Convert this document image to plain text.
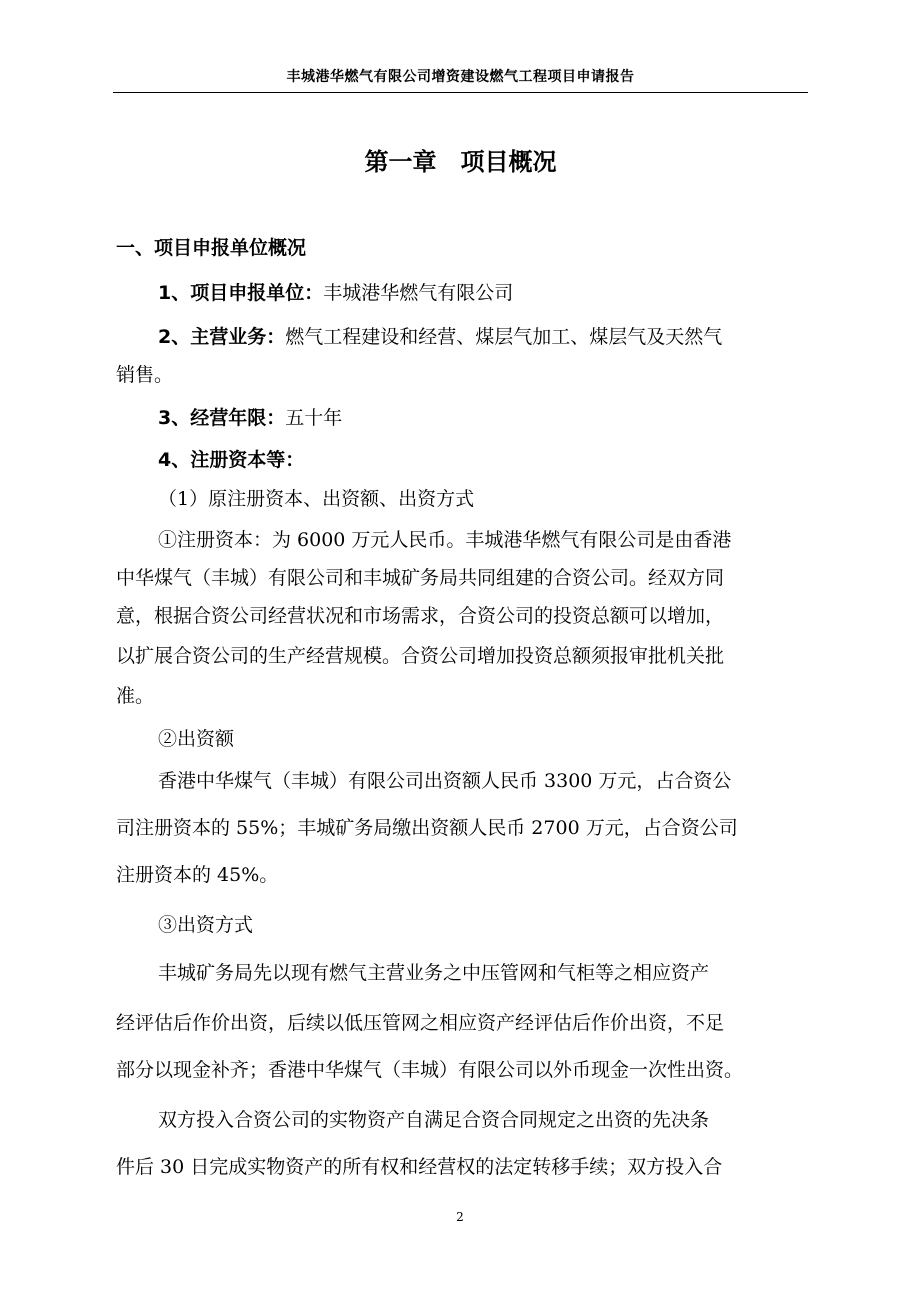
丰城港华燃气有限公司增资建设燃气工程项目申请报告
第一章　项目概况
一、项目申报单位概况
1、项目申报单位：丰城港华燃气有限公司
2、主营业务：燃气工程建设和经营、煤层气加工、煤层气及天然气
销售。
3、经营年限：五十年
4、注册资本等：
（1）原注册资本、出资额、出资方式
①注册资本：为 6000 万元人民币。丰城港华燃气有限公司是由香港
中华煤气（丰城）有限公司和丰城矿务局共同组建的合资公司。经双方同
意，根据合资公司经营状况和市场需求，合资公司的投资总额可以增加，
以扩展合资公司的生产经营规模。合资公司增加投资总额须报审批机关批
准。
②出资额
香港中华煤气（丰城）有限公司出资额人民币 3300 万元，占合资公
司注册资本的 55%；丰城矿务局缴出资额人民币 2700 万元，占合资公司
注册资本的 45%。
③出资方式
丰城矿务局先以现有燃气主营业务之中压管网和气柜等之相应资产
经评估后作价出资，后续以低压管网之相应资产经评估后作价出资，不足
部分以现金补齐；香港中华煤气（丰城）有限公司以外币现金一次性出资。
双方投入合资公司的实物资产自满足合资合同规定之出资的先决条
件后 30 日完成实物资产的所有权和经营权的法定转移手续；双方投入合
2
